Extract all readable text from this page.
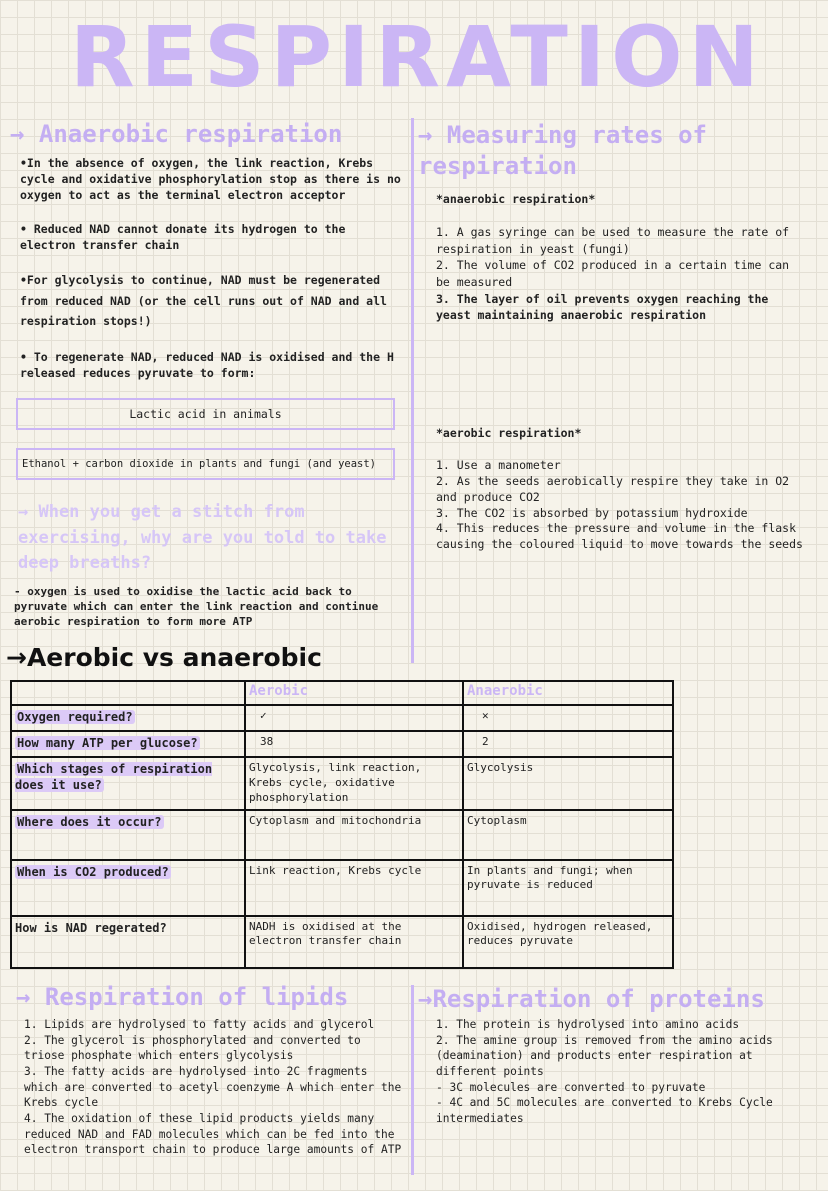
RESPIRATION
→ Anaerobic respiration
•In the absence of oxygen, the link reaction, Krebs cycle and oxidative phosphorylation stop as there is no oxygen to act as the terminal electron acceptor
• Reduced NAD cannot donate its hydrogen to the electron transfer chain
•For glycolysis to continue, NAD must be regenerated from reduced NAD (or the cell runs out of NAD and all respiration stops!)
• To regenerate NAD, reduced NAD is oxidised and the H released reduces pyruvate to form:
Lactic acid in animals
Ethanol + carbon dioxide in plants and fungi (and yeast)
→ When you get a stitch from exercising, why are you told to take deep breaths?
- oxygen is used to oxidise the lactic acid back to pyruvate which can enter the link reaction and continue aerobic respiration to form more ATP
→ Measuring rates of respiration
*anaerobic respiration*
1. A gas syringe can be used to measure the rate of respiration in yeast (fungi)
2. The volume of CO2 produced in a certain time can be measured
3. The layer of oil prevents oxygen reaching the yeast maintaining anaerobic respiration
*aerobic respiration*
1. Use a manometer
2. As the seeds aerobically respire they take in O2 and produce CO2
3. The CO2 is absorbed by potassium hydroxide
4. This reduces the pressure and volume in the flask causing the coloured liquid to move towards the seeds
→Aerobic vs anaerobic
	Aerobic	Anaerobic
Oxygen required?	✓	✕
How many ATP per glucose?	38	2
Which stages of respiration does it use?	Glycolysis, link reaction, Krebs cycle, oxidative phosphorylation	Glycolysis
Where does it occur?	Cytoplasm and mitochondria	Cytoplasm
When is CO2 produced?	Link reaction, Krebs cycle	In plants and fungi; when pyruvate is reduced
How is NAD regerated?	NADH is oxidised at the electron transfer chain	Oxidised, hydrogen released, reduces pyruvate
→ Respiration of lipids
1. Lipids are hydrolysed to fatty acids and glycerol
2. The glycerol is phosphorylated and converted to triose phosphate which enters glycolysis
3. The fatty acids are hydrolysed into 2C fragments which are converted to acetyl coenzyme A which enter the Krebs cycle
4. The oxidation of these lipid products yields many reduced NAD and FAD molecules which can be fed into the electron transport chain to produce large amounts of ATP
→Respiration of proteins
1. The protein is hydrolysed into amino acids
2. The amine group is removed from the amino acids (deamination) and products enter respiration at different points
- 3C molecules are converted to pyruvate
- 4C and 5C molecules are converted to Krebs Cycle intermediates
